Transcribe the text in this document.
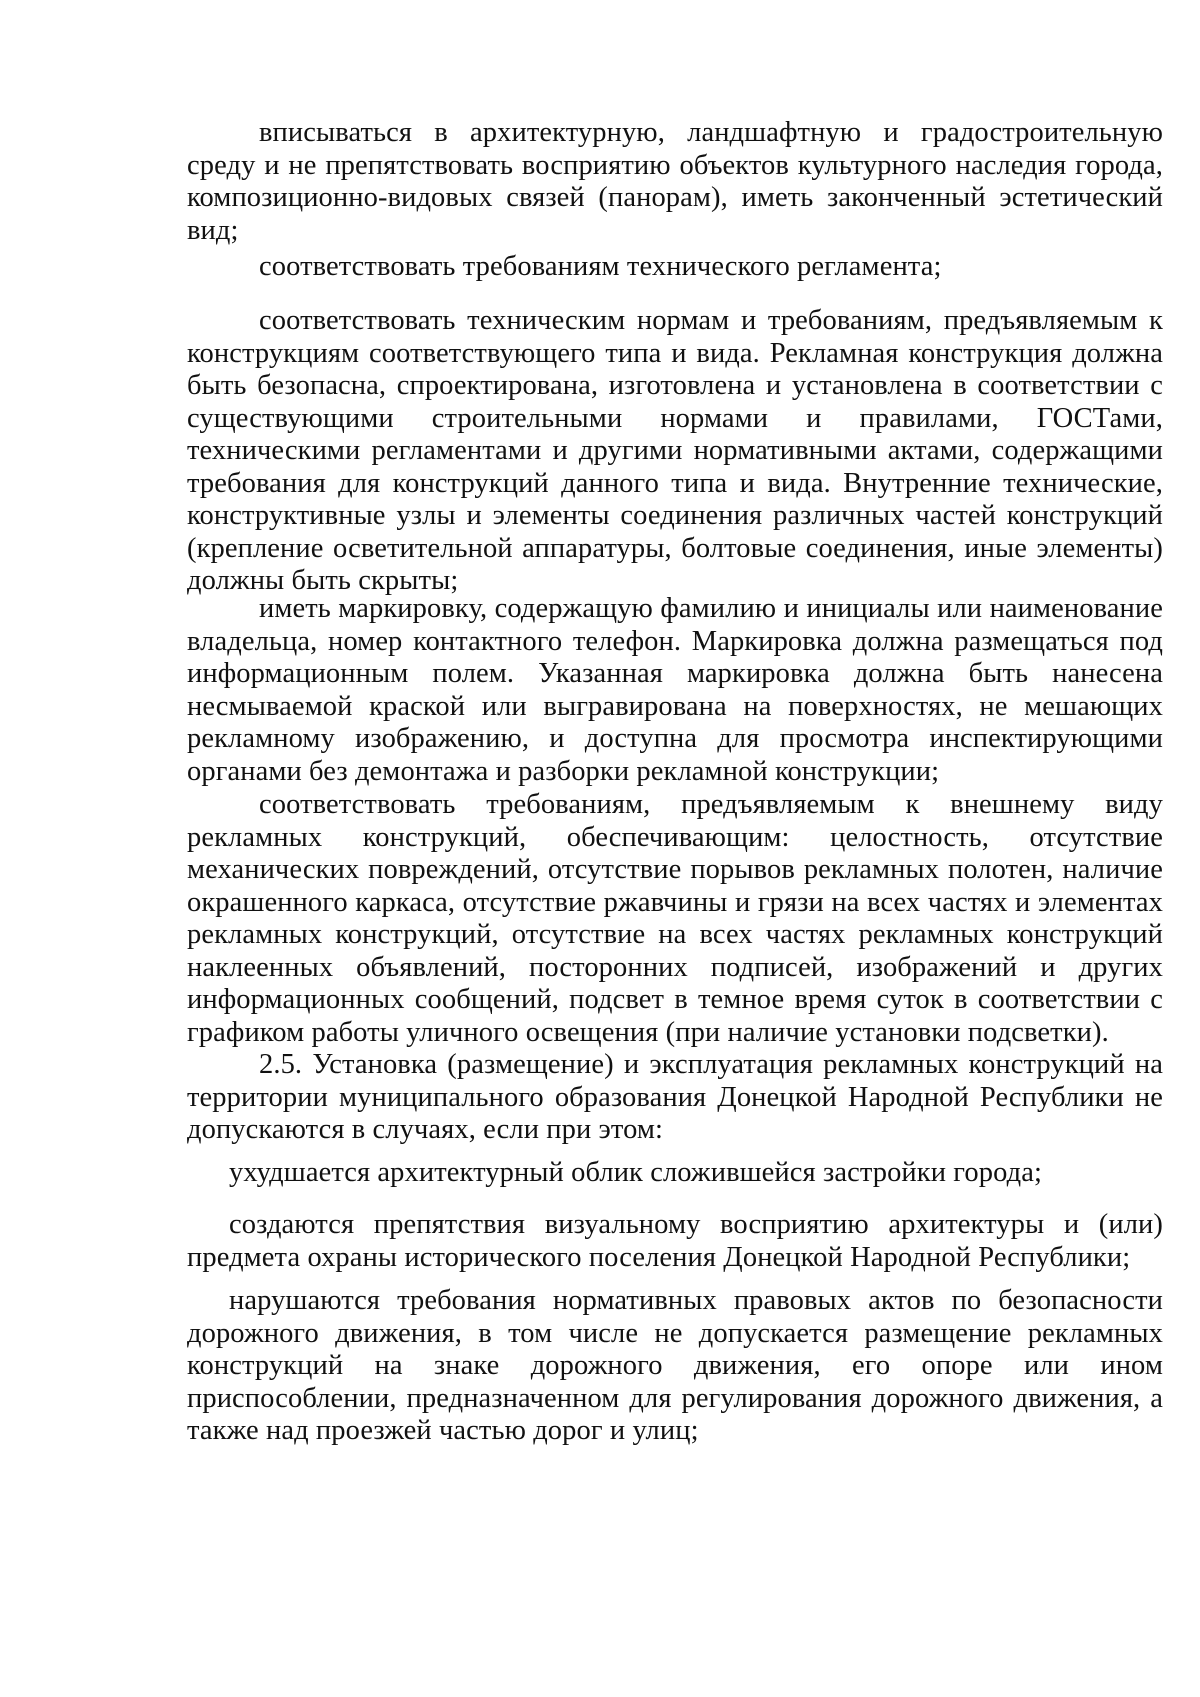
вписываться в архитектурную, ландшафтную и градостроительную среду и не препятствовать восприятию объектов культурного наследия города, композиционно-видовых связей (панорам), иметь законченный эстетический вид;
соответствовать требованиям технического регламента;
соответствовать техническим нормам и требованиям, предъявляемым к конструкциям соответствующего типа и вида. Рекламная конструкция должна быть безопасна, спроектирована, изготовлена и установлена в соответствии с существующими строительными нормами и правилами, ГОСТами, техническими регламентами и другими нормативными актами, содержащими требования для конструкций данного типа и вида. Внутренние технические, конструктивные узлы и элементы соединения различных частей конструкций (крепление осветительной аппаратуры, болтовые соединения, иные элементы) должны быть скрыты;
иметь маркировку, содержащую фамилию и инициалы или наименование владельца, номер контактного телефон. Маркировка должна размещаться под информационным полем. Указанная маркировка должна быть нанесена несмываемой краской или выгравирована на поверхностях, не мешающих рекламному изображению, и доступна для просмотра инспектирующими органами без демонтажа и разборки рекламной конструкции;
соответствовать требованиям, предъявляемым к внешнему виду рекламных конструкций, обеспечивающим: целостность, отсутствие механических повреждений, отсутствие порывов рекламных полотен, наличие окрашенного каркаса, отсутствие ржавчины и грязи на всех частях и элементах рекламных конструкций, отсутствие на всех частях рекламных конструкций наклеенных объявлений, посторонних подписей, изображений и других информационных сообщений, подсвет в темное время суток в соответствии с графиком работы уличного освещения (при наличие установки подсветки).
2.5. Установка (размещение) и эксплуатация рекламных конструкций на территории муниципального образования Донецкой Народной Республики не допускаются в случаях, если при этом:
ухудшается архитектурный облик сложившейся застройки города;
создаются препятствия визуальному восприятию архитектуры и (или) предмета охраны исторического поселения Донецкой Народной Республики;
нарушаются требования нормативных правовых актов по безопасности дорожного движения, в том числе не допускается размещение рекламных конструкций на знаке дорожного движения, его опоре или ином приспособлении, предназначенном для регулирования дорожного движения, а также над проезжей частью дорог и улиц;
